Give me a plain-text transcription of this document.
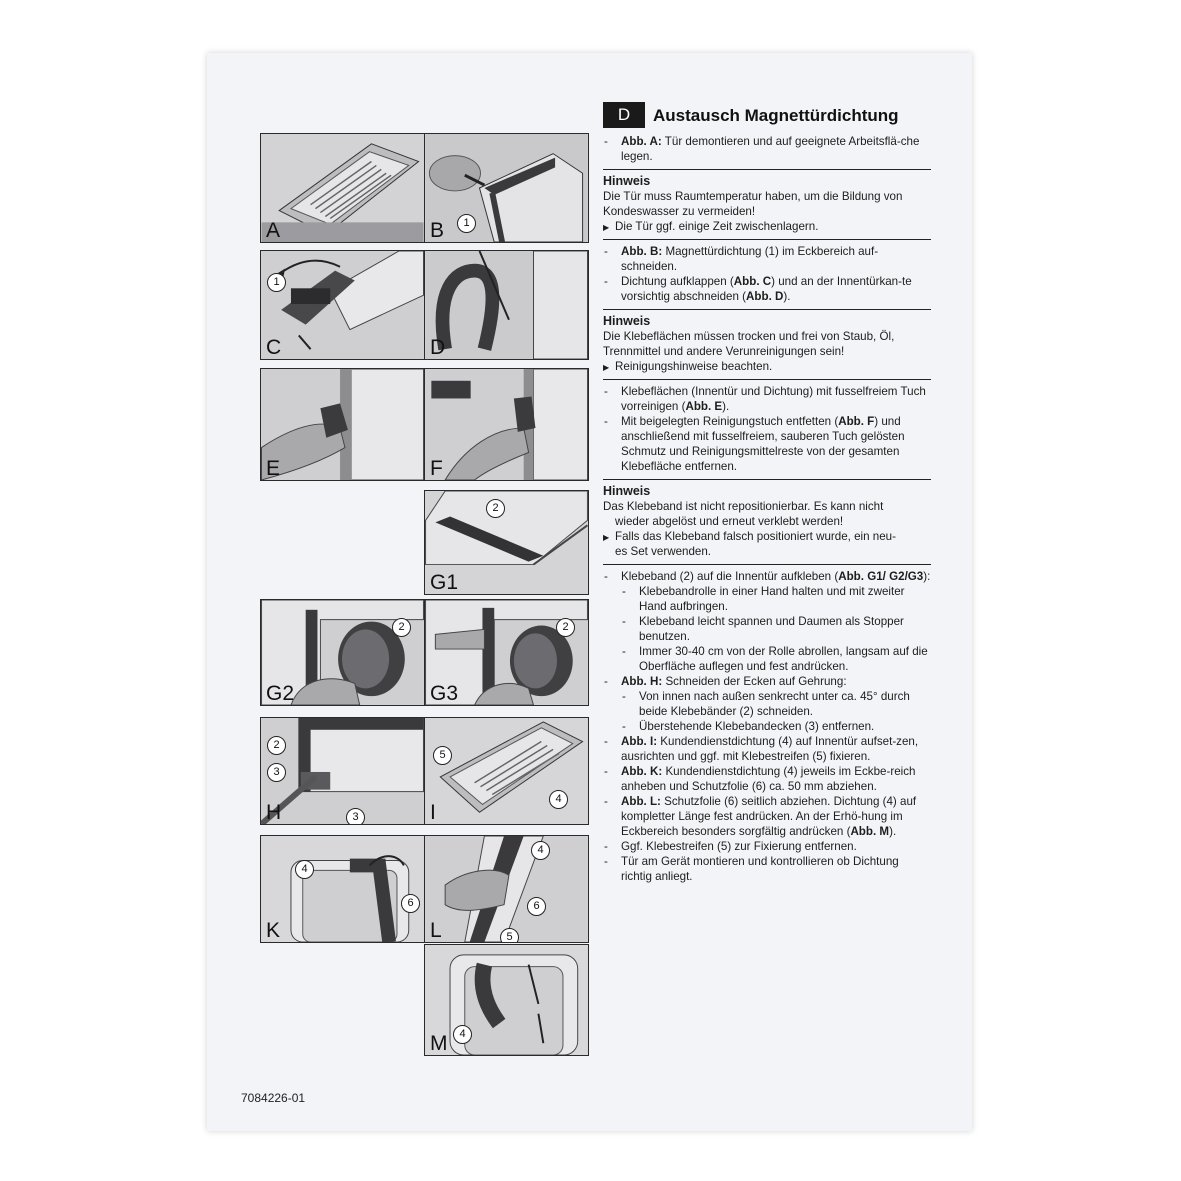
A	1
B
1
C	D
E	F
2
G1
2
G2
2
G3
2
3
3
H
5
4
I
4
6
K
4
6
5
L
4
M
7084226-01
D	Austausch Magnettürdichtung

- Abb. A: Tür demontieren und auf geeignete Arbeitsflä-che legen.

Hinweis
Die Tür muss Raumtemperatur haben, um die Bildung von Kondeswasser zu vermeiden!
▶ Die Tür ggf. einige Zeit zwischenlagern.

- Abb. B: Magnettürdichtung (1) im Eckbereich auf-schneiden.

- Dichtung aufklappen (Abb. C) und an der Innentürkan-te vorsichtig abschneiden (Abb. D).

Hinweis
Die Klebeflächen müssen trocken und frei von Staub, Öl, Trennmittel und andere Verunreinigungen sein!
▶ Reinigungshinweise beachten.

- Klebeflächen (Innentür und Dichtung) mit fusselfreiem Tuch vorreinigen (Abb. E).

- Mit beigelegten Reinigungstuch entfetten (Abb. F) und anschließend mit fusselfreiem, sauberen Tuch gelösten Schmutz und Reinigungsmittelreste von der gesamten Klebefläche entfernen.

Hinweis
Das Klebeband ist nicht repositionierbar. Es kann nicht
wieder abgelöst und erneut verklebt werden!
▶ Falls das Klebeband falsch positioniert wurde, ein neu-
es Set verwenden.

- Klebeband (2) auf die Innentür aufkleben (Abb. G1/ G2/G3):

- Klebebandrolle in einer Hand halten und mit zweiter Hand aufbringen.

- Klebeband leicht spannen und Daumen als Stopper benutzen.

- Immer 30-40 cm von der Rolle abrollen, langsam auf die Oberfläche auflegen und fest andrücken.

- Abb. H: Schneiden der Ecken auf Gehrung:

- Von innen nach außen senkrecht unter ca. 45° durch beide Klebebänder (2) schneiden.

- Überstehende Klebebandecken (3) entfernen.

- Abb. I: Kundendienstdichtung (4) auf Innentür aufset-zen, ausrichten und ggf. mit Klebestreifen (5) fixieren.

- Abb. K: Kundendienstdichtung (4) jeweils im Eckbe-reich anheben und Schutzfolie (6) ca. 50 mm abziehen.

- Abb. L: Schutzfolie (6) seitlich abziehen. Dichtung (4) auf kompletter Länge fest andrücken. An der Erhö-hung im Eckbereich besonders sorgfältig andrücken (Abb. M).

- Ggf. Klebestreifen (5) zur Fixierung entfernen.

- Tür am Gerät montieren und kontrollieren ob Dichtung richtig anliegt.
